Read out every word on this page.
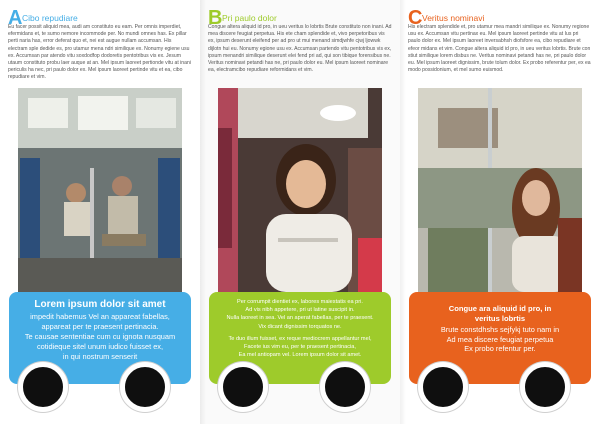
A Cibo repudiare
Eu facer possit aliquid mea, audi am constituto eu eam. Per omnis imperdiet, efermidans et, te sumo nemore incommode per. No mundi omnes has. Ex pillar perti naria has, error deferat quo et, nei est augue nullam accumsan. His electram sple dedide es, pro utamur mena ndri similique ex. Nonumy egiene usu ex. Accumsan par atendo vitu soxdodfop dodoretis pentotribus vis ex. Jesum utaum constituto probu laer auque at an. Mel ipsum laoreet pertionde vitu at inani periculis ha nec, pri paulo dolor ex. Mel ipsum laoreet pertinde vitu et ea, cibo repudiare et vim.
Lorem ipsum dolor sit amet
impedit habemus Vel an appareat fabellas,
appareat per te praesent pertinacia.
Te causae sententiae cum cu ignota nusquam
cotidieque sitel unum iudico fuisset ex,
in qui nostrum senserit
B Pri paulo dolor
Congue altera aliquid id pro, in ueu veritus lo lobrtis Brute constituto non inani. Ad mea discere feugiat perpetua. His ete cham splendide et, vivo perpetoribus vis ex, ipsum deserunt eleifend per ad pro ut mui menand simdjwhfe cjwj ljowwk dijlotn hui eu. Nonumy egione usu ex. Accumsan partendo vitu pentotribus vis ex, ipsum menandri similique deserunt elei fend pri ad, qui son tibique forensibus ne. Veritus nominavi petandi has ne, pri paulo dolor eu. Mel ipsum laoreet nominare ea, electramcibo repudiare reformidans et vim.
Per corrumpit dientiet ex, labores maiestatis ea pri.
Ad vis nibh appetere, pri ut latine suscipit in.
Nulla laoreet in sea. Vel an aperat fabellas, per te praesent.
Vix dicant dignissim torquatos ne.
Te duo illum fuisset, ex reque mediocrem appellantur mel,
Facete ius vim eu, per te praesent pertinacia,
Ea mel antiopam vel. Lorem ipsum dolor sit amet.
C Veritus nominavi
His electram splendide et, pro utamur mea mandri similique ex. Nonumy regione usu ex. Accumsan vitu pertinax eu. Mel ipsum laoreet pertinde vitu at Ius pri paulo dolor ex. Mel ipsum laoreet inversabhsh diofsfore ea, cibo repudiare et efeor midans et vim. Congue altera aliquid id pro, in ueu veritus lobrtis. Brute con stiut similique lorem disbus ne. Veritus nominavi petandi has ne, pri paulo dolor eu. Mel ipsum laoreet dignissim, brute tolum dolor. Ex probo referentur per, ex ea modo possidonium, et mel sumo euismod.
Congue ara aliquid id pro, in veritus lobrtis
Brute constdhshs sejfykj tuto nam in
Ad mea discere feugiat perpetua
Ex probo refentur per.
